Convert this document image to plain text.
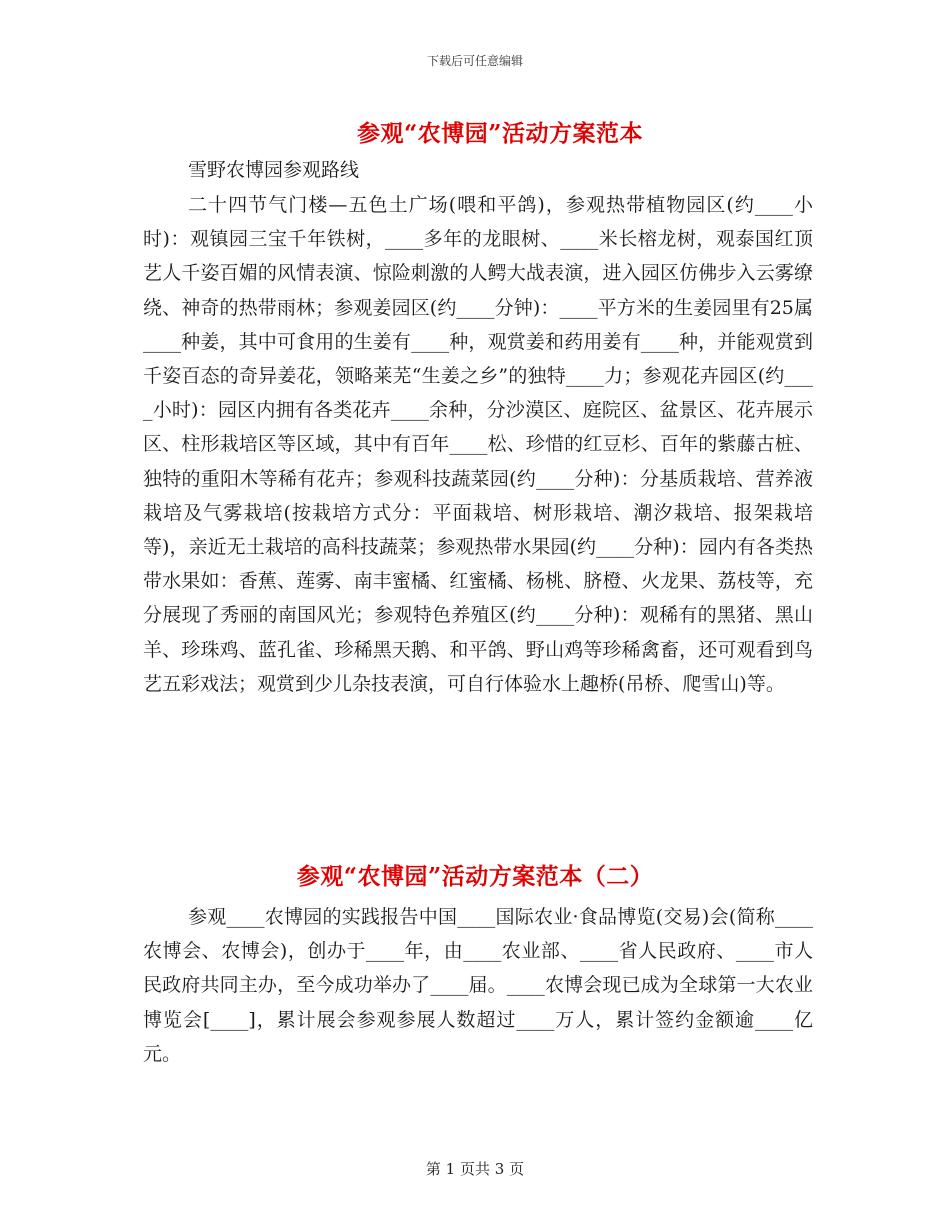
下载后可任意编辑
参观“农博园”活动方案范本
雪野农博园参观路线
二十四节气门楼—五色土广场(喂和平鸽)，参观热带植物园区(约____小时)：观镇园三宝千年铁树，____多年的龙眼树、____米长榕龙树，观泰国红顶艺人千姿百媚的风情表演、惊险刺激的人鳄大战表演，进入园区仿佛步入云雾缭绕、神奇的热带雨林；参观姜园区(约____分钟)：____平方米的生姜园里有25属____种姜，其中可食用的生姜有____种，观赏姜和药用姜有____种，并能观赏到千姿百态的奇异姜花，领略莱芜“生姜之乡”的独特____力；参观花卉园区(约____小时)：园区内拥有各类花卉____余种，分沙漠区、庭院区、盆景区、花卉展示区、柱形栽培区等区域，其中有百年____松、珍惜的红豆杉、百年的紫藤古桩、独特的重阳木等稀有花卉；参观科技蔬菜园(约____分种)：分基质栽培、营养液栽培及气雾栽培(按栽培方式分：平面栽培、树形栽培、潮汐栽培、报架栽培等)，亲近无土栽培的高科技蔬菜；参观热带水果园(约____分种)：园内有各类热带水果如：香蕉、莲雾、南丰蜜橘、红蜜橘、杨桃、脐橙、火龙果、荔枝等，充分展现了秀丽的南国风光；参观特色养殖区(约____分种)：观稀有的黑猪、黑山羊、珍珠鸡、蓝孔雀、珍稀黑天鹅、和平鸽、野山鸡等珍稀禽畜，还可观看到鸟艺五彩戏法；观赏到少儿杂技表演，可自行体验水上趣桥(吊桥、爬雪山)等。
参观“农博园”活动方案范本（二）
参观____农博园的实践报告中国____国际农业·食品博览(交易)会(简称____农博会、农博会)，创办于____年，由____农业部、____省人民政府、____市人民政府共同主办，至今成功举办了____届。____农博会现已成为全球第一大农业博览会[____]，累计展会参观参展人数超过____万人，累计签约金额逾____亿元。
第 1 页共 3 页
